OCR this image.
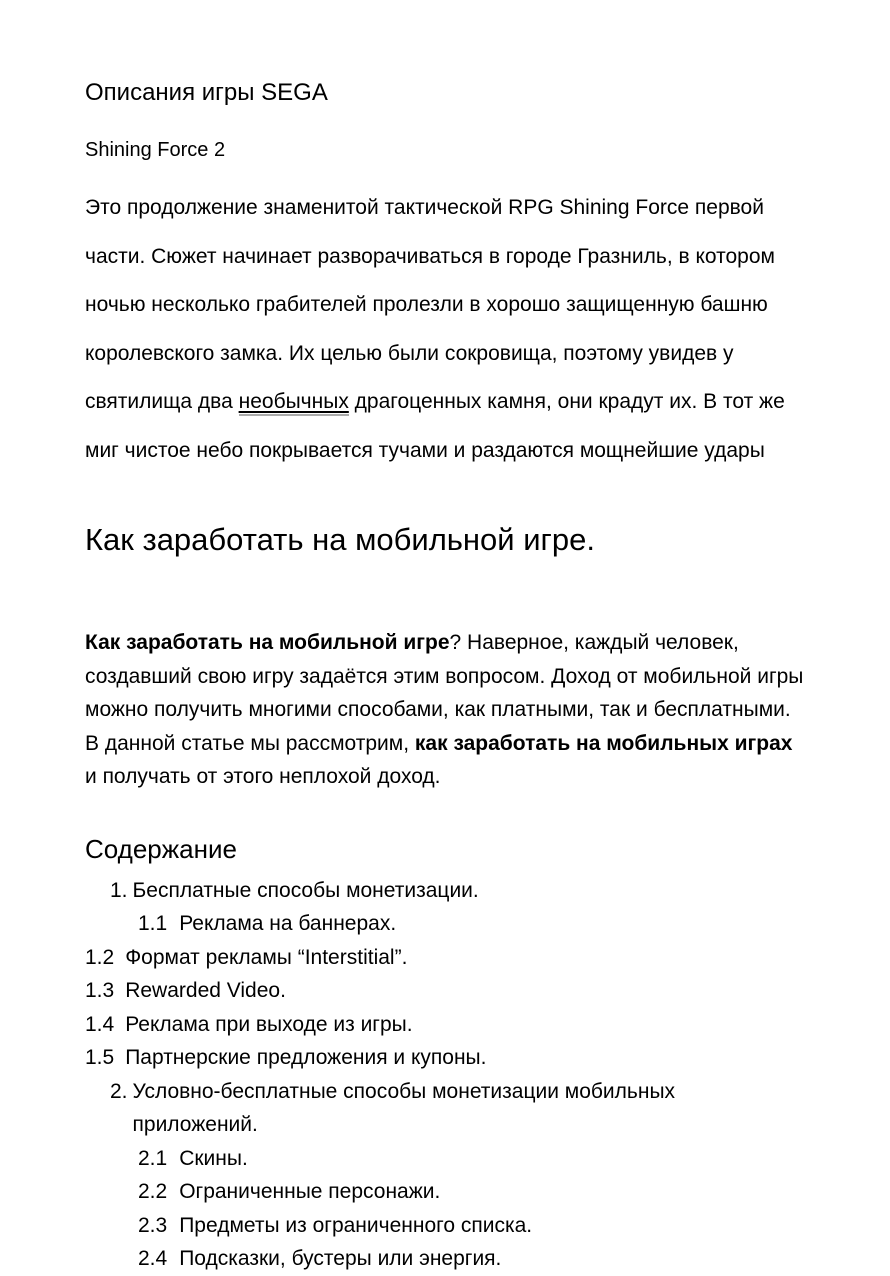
Описания игры SEGA
Shining Force 2
Это продолжение знаменитой тактической RPG Shining Force первой
части. Сюжет начинает разворачиваться в городе Гразниль, в котором
ночью несколько грабителей пролезли в хорошо защищенную башню
королевского замка. Их целью были сокровища, поэтому увидев у
святилища два необычных драгоценных камня, они крадут их. В тот же
миг чистое небо покрывается тучами и раздаются мощнейшие удары
Как заработать на мобильной игре.
Как заработать на мобильной игре? Наверное, каждый человек,
создавший свою игру задаётся этим вопросом. Доход от мобильной игры
можно получить многими способами, как платными, так и бесплатными.
В данной статье мы рассмотрим, как заработать на мобильных играх
и получать от этого неплохой доход.
Содержание
1. Бесплатные способы монетизации.
1.1 Реклама на баннерах.
1.2 Формат рекламы “Interstitial”.
1.3 Rewarded Video.
1.4 Реклама при выходе из игры.
1.5 Партнерские предложения и купоны.
2. Условно-бесплатные способы монетизации мобильных
приложений.
2.1 Скины.
2.2 Ограниченные персонажи.
2.3 Предметы из ограниченного списка.
2.4 Подсказки, бустеры или энергия.
